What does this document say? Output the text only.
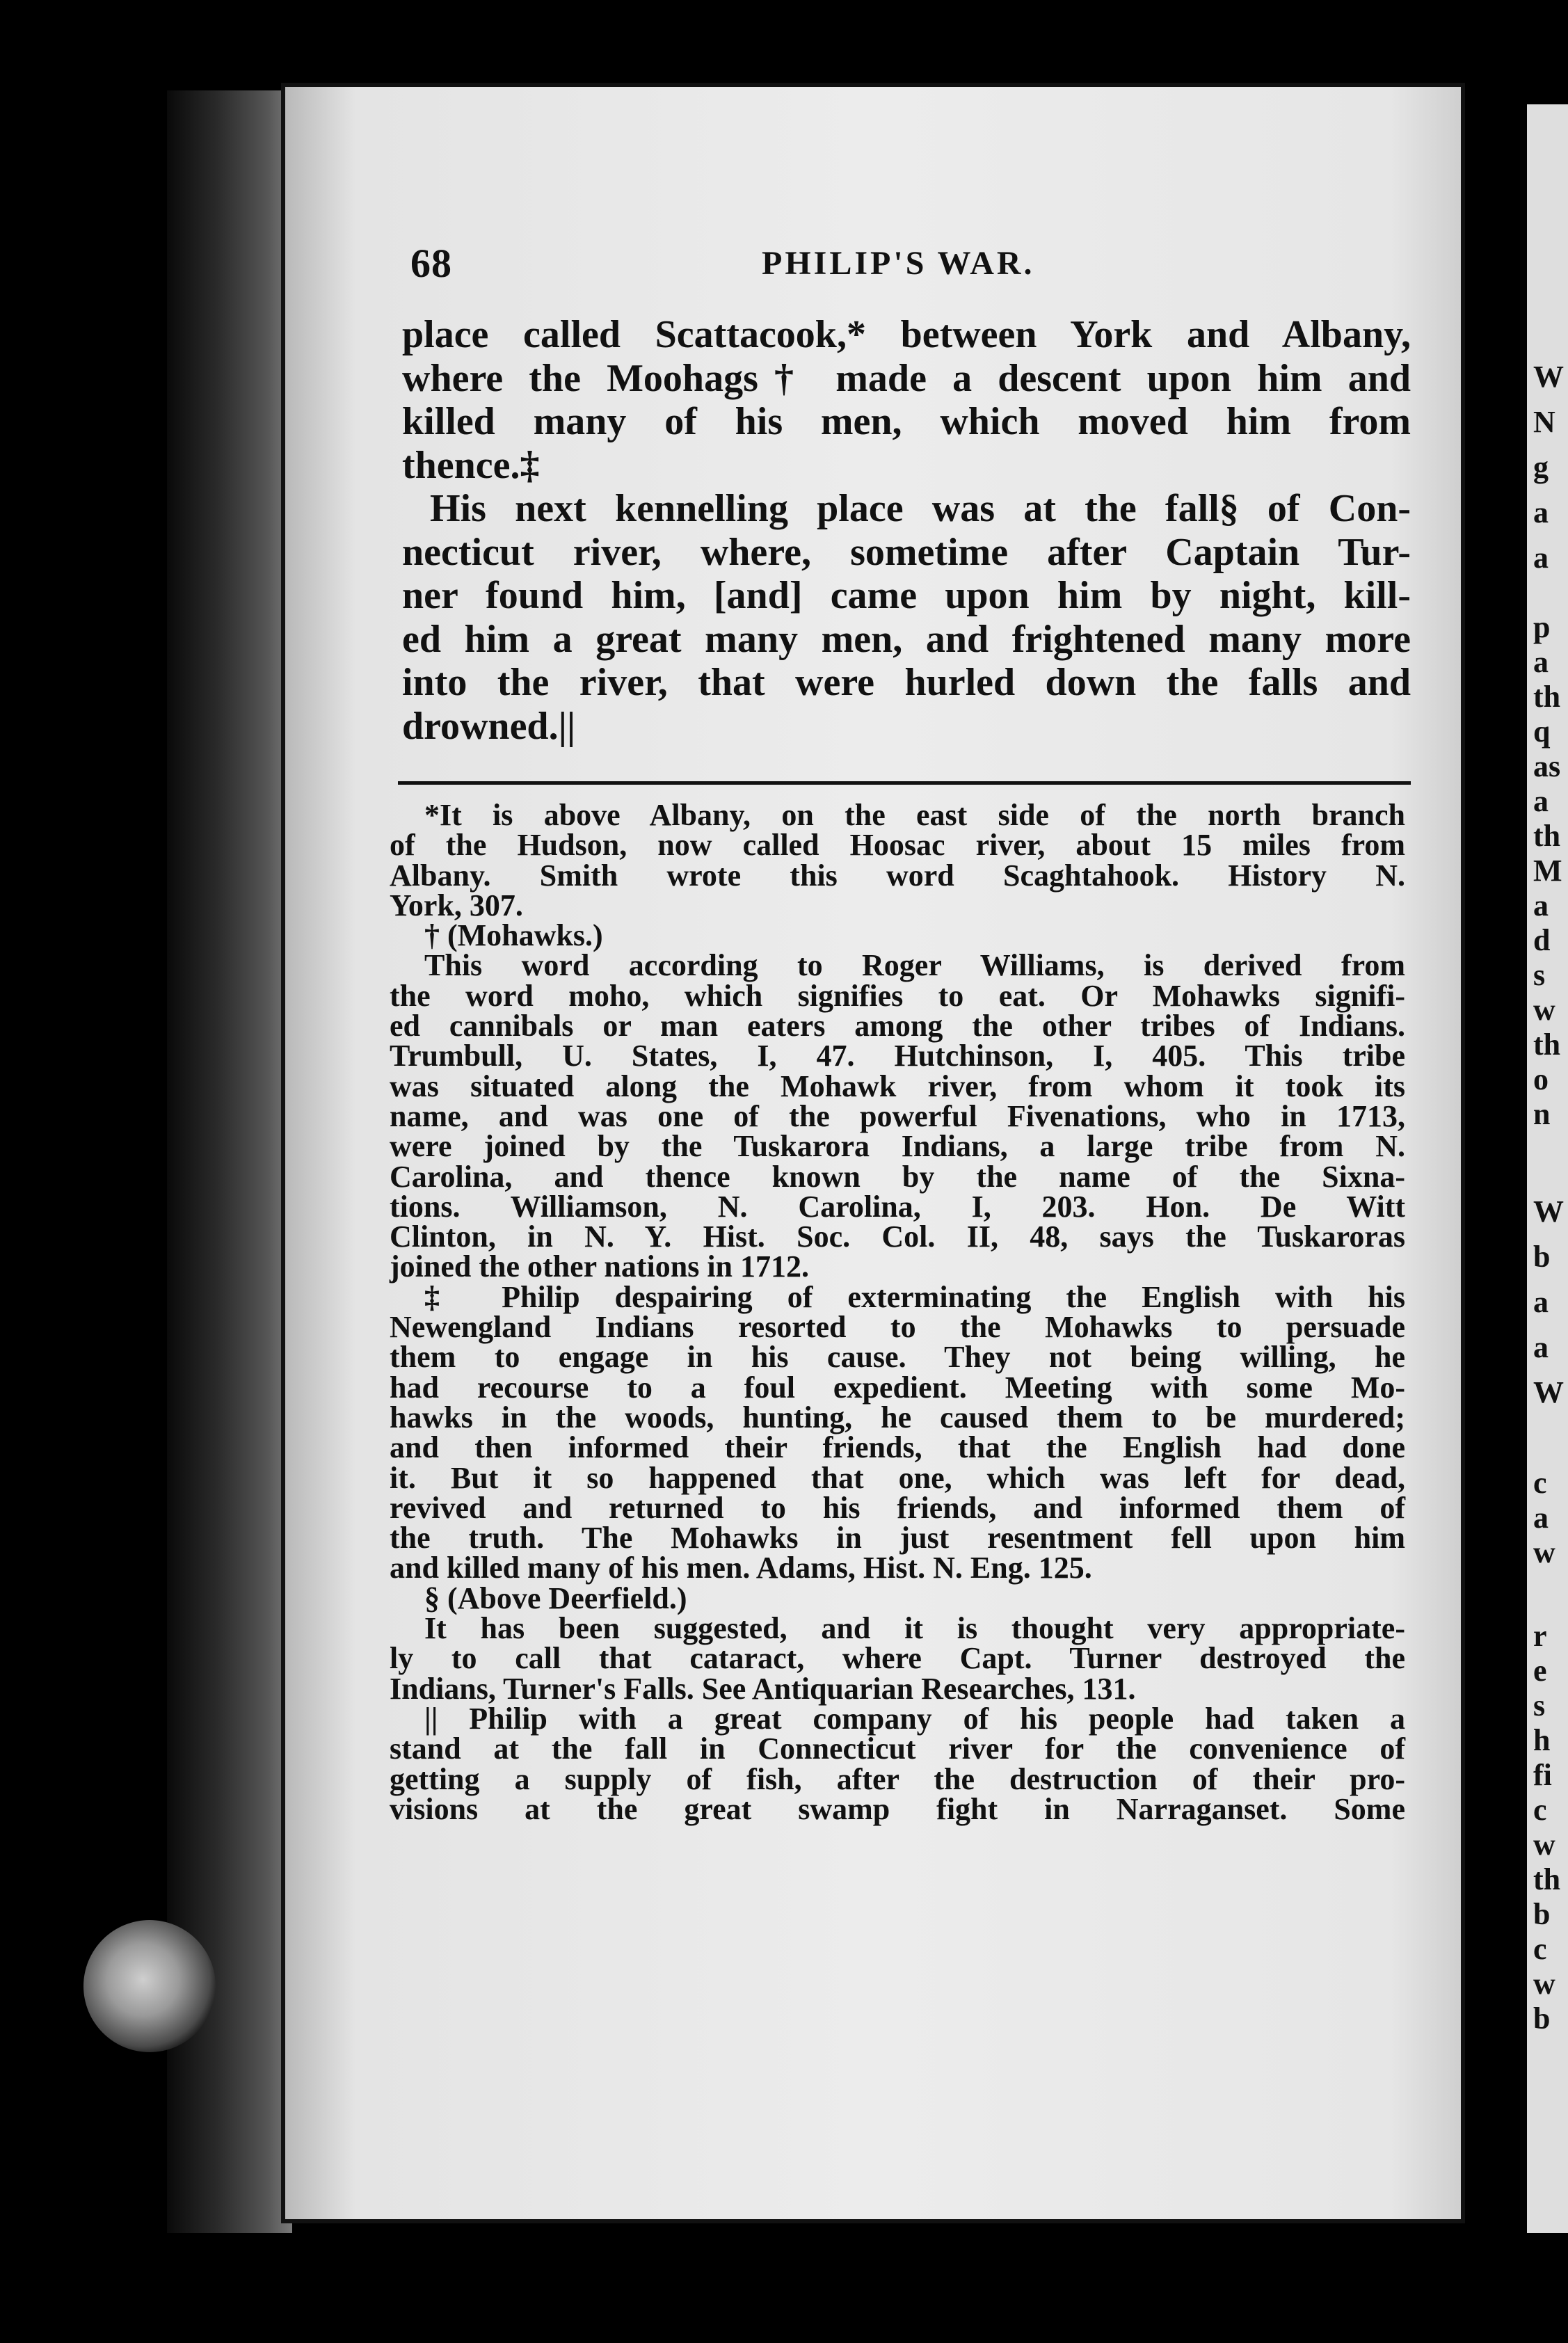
68	PHILIP'S WAR.
place called Scattacook,* between York and Albany,
where the Moohags† made a descent upon him and
killed many of his men, which moved him from
thence.‡
His next kennelling place was at the fall§ of Con-
necticut river, where, sometime after Captain Tur-
ner found him, [and] came upon him by night, kill-
ed him a great many men, and frightened many more
into the river, that were hurled down the falls and
drowned.||
*It is above Albany, on the east side of the north branch
of the Hudson, now called Hoosac river, about 15 miles from
Albany. Smith wrote this word Scaghtahook. History N.
York, 307.
† (Mohawks.)
This word according to Roger Williams, is derived from
the word moho, which signifies to eat. Or Mohawks signifi-
ed cannibals or man eaters among the other tribes of Indians.
Trumbull, U. States, I, 47. Hutchinson, I, 405. This tribe
was situated along the Mohawk river, from whom it took its
name, and was one of the powerful Fivenations, who in 1713,
were joined by the Tuskarora Indians, a large tribe from N.
Carolina, and thence known by the name of the Sixna-
tions. Williamson, N. Carolina, I, 203. Hon. De Witt
Clinton, in N. Y. Hist. Soc. Col. II, 48, says the Tuskaroras
joined the other nations in 1712.
‡ Philip despairing of exterminating the English with his
Newengland Indians resorted to the Mohawks to persuade
them to engage in his cause. They not being willing, he
had recourse to a foul expedient. Meeting with some Mo-
hawks in the woods, hunting, he caused them to be murdered;
and then informed their friends, that the English had done
it. But it so happened that one, which was left for dead,
revived and returned to his friends, and informed them of
the truth. The Mohawks in just resentment fell upon him
and killed many of his men. Adams, Hist. N. Eng. 125.
§ (Above Deerfield.)
It has been suggested, and it is thought very appropriate-
ly to call that cataract, where Capt. Turner destroyed the
Indians, Turner's Falls. See Antiquarian Researches, 131.
|| Philip with a great company of his people had taken a
stand at the fall in Connecticut river for the convenience of
getting a supply of fish, after the destruction of their pro-
visions at the great swamp fight in Narraganset. Some
W
N
g
a
a
p
a
th
q
as
a
th
M
a
d
s
w
th
o
n
W
b
a
a
W
c
a
w
r
e
s
h
fi
c
w
th
b
c
w
b
